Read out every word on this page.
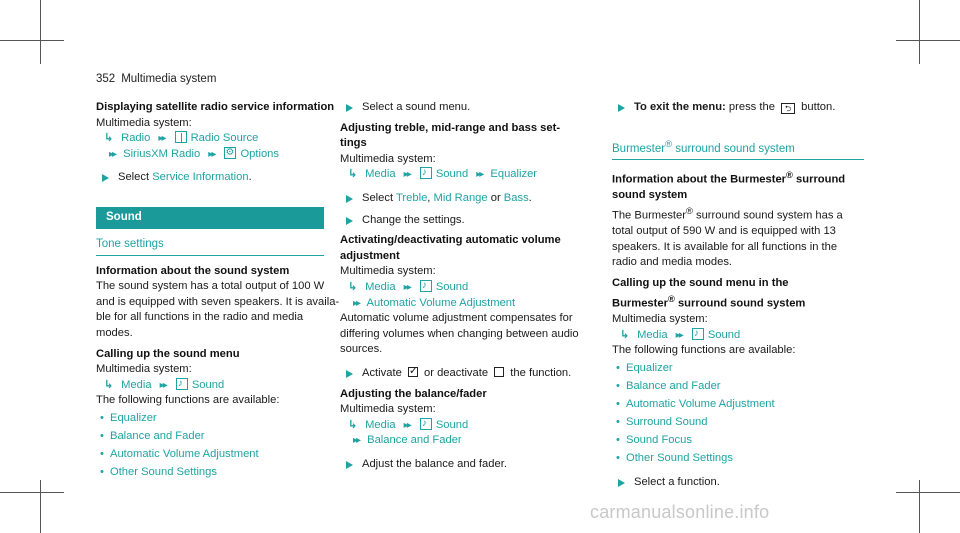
352 Multimedia system
Displaying satellite radio service information
Multimedia system:
↳ Radio ▸▸ Radio Source
▸▸ SiriusXM Radio ▸▸ ⚙ Options
Select Service Information.
Sound
Tone settings
Information about the sound system
The sound system has a total output of 100 W
and is equipped with seven speakers. It is availa-
ble for all functions in the radio and media
modes.
Calling up the sound menu
Multimedia system:
↳ Media ▸▸ ♪ Sound
The following functions are available:
• Equalizer
• Balance and Fader
• Automatic Volume Adjustment
• Other Sound Settings
Select a sound menu.
Adjusting treble, mid-range and bass set-
tings
Multimedia system:
↳ Media ▸▸ ♪ Sound ▸▸ Equalizer
Select Treble, Mid Range or Bass.
Change the settings.
Activating/deactivating automatic volume
adjustment
Multimedia system:
↳ Media ▸▸ ♪ Sound
▸▸ Automatic Volume Adjustment
Automatic volume adjustment compensates for
differing volumes when changing between audio
sources.
Activate ✓ or deactivate  the function.
Adjusting the balance/fader
Multimedia system:
↳ Media ▸▸ ♪ Sound
▸▸ Balance and Fader
Adjust the balance and fader.
To exit the menu: press the ⮌ button.
Burmester® surround sound system
Information about the Burmester® surround
sound system
The Burmester® surround sound system has a
total output of 590 W and is equipped with 13
speakers. It is available for all functions in the
radio and media modes.
Calling up the sound menu in the
Burmester® surround sound system
Multimedia system:
↳ Media ▸▸ ♪ Sound
The following functions are available:
• Equalizer
• Balance and Fader
• Automatic Volume Adjustment
• Surround Sound
• Sound Focus
• Other Sound Settings
Select a function.
carmanualsonline.info
